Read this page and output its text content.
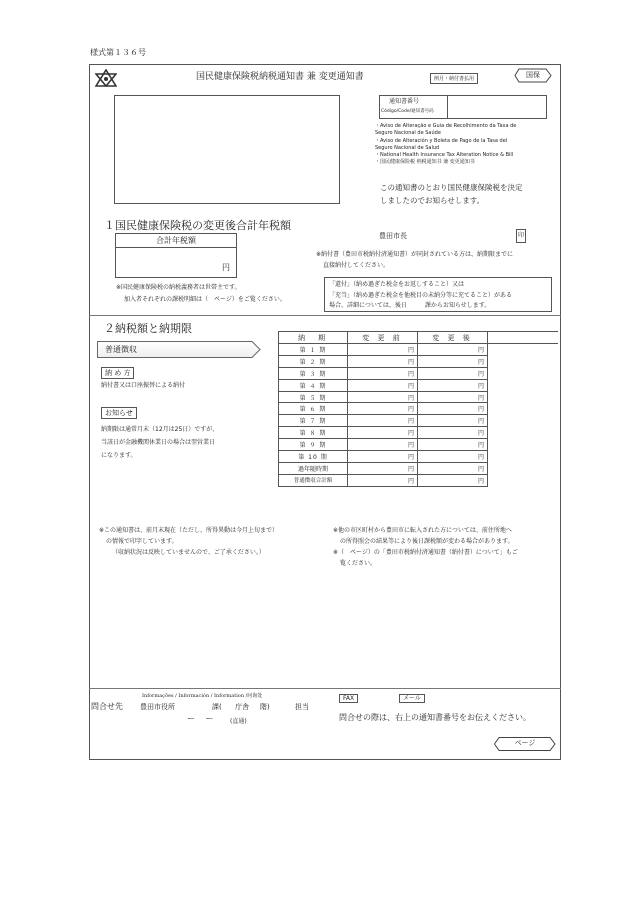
様式第１３６号
国民健康保険税納税通知書 兼 変更通知書	例月・納付書払用	国保
通知書番号
Código/Code/通知書号码
・Aviso de Alteração e Guia de Recolhimento da Taxa de
Seguro Nacional de Saúde
・Aviso de Alteración y Boleta de Pago de la Tasa del
Seguro Nacional de Salud
・National Health Insurance Tax Alteration Notice & Bill
・国民健康保险税 纳税通知书 兼 变更通知书
この通知書のとおり国民健康保険税を決定
しましたのでお知らせします。
１国民健康保険税の変更後合計年税額
合計年税額
円
※国民健康保険税の納税義務者は世帯主です。
加入者それぞれの課税明細は（　ページ）をご覧ください。
豊田市長	印
※納付書（豊田市税納付済通知書）が同封されている方は、納期限までに
直接納付してください。
「還付」（納め過ぎた税金をお返しすること）又は
「充当」（納め過ぎた税金を他税目の未納分等に充てること）がある
場合、詳細については、後日　　　課からお知らせします。
２納税額と納期限
普通徴収
納 め 方
納付書又は口座振替による納付
お知らせ
納期限は通常月末（12月は25日）ですが、
当該日が金融機関休業日の場合は翌営業日
になります。
納　期	変 更 前	変 更 後	
第 １ 期	円	円	
第 ２ 期	円	円	
第 ３ 期	円	円	
第 ４ 期	円	円	
第 ５ 期	円	円	
第 ６ 期	円	円	
第 ７ 期	円	円	
第 ８ 期	円	円	
第 ９ 期	円	円	
第 10 期	円	円	
過年随時期	円	円	
普通徴収合計額	円	円	
※この通知書は、前月末現在（ただし、所得異動は今月上旬まで）
の情報で印字しています。
（収納状況は反映していませんので、ご了承ください。）
※他の市区町村から豊田市に転入された方については、前住所地へ
の所得照会の結果等により後日課税額が変わる場合があります。
※（　ページ）の「豊田市税納付済通知書（納付書）について」もご
覧ください。
Informações / Información / Information /问询处
問合せ先 豊田市役所	課( 庁舎 階)	担当
ー ー (直通)
FAX	メール
問合せの際は、右上の通知書番号をお伝えください。
ページ
